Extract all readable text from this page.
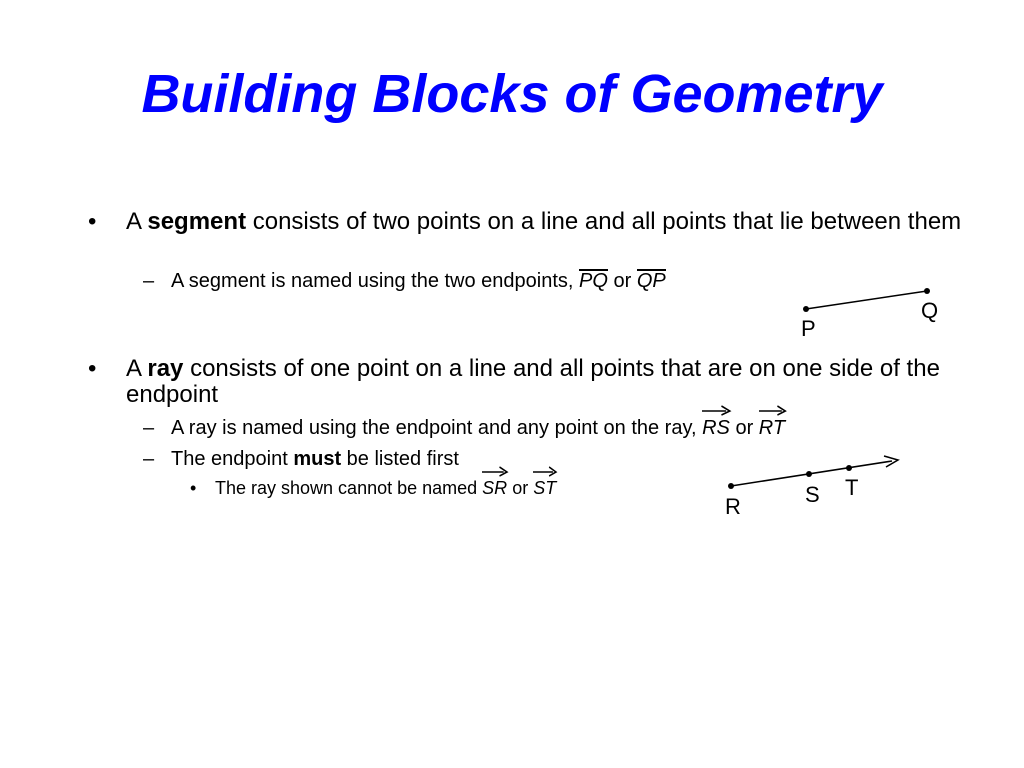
Building Blocks of Geometry
• A segment consists of two points on a line and all points that lie between them
– A segment is named using the two endpoints, PQ or QP
P
Q
• A ray consists of one point on a line and all points that are on one side of the endpoint
– A ray is named using the endpoint and any point on the ray,
RS or
RT
– The endpoint must be listed first
• The ray shown cannot be named
SR or
ST
R	S T
